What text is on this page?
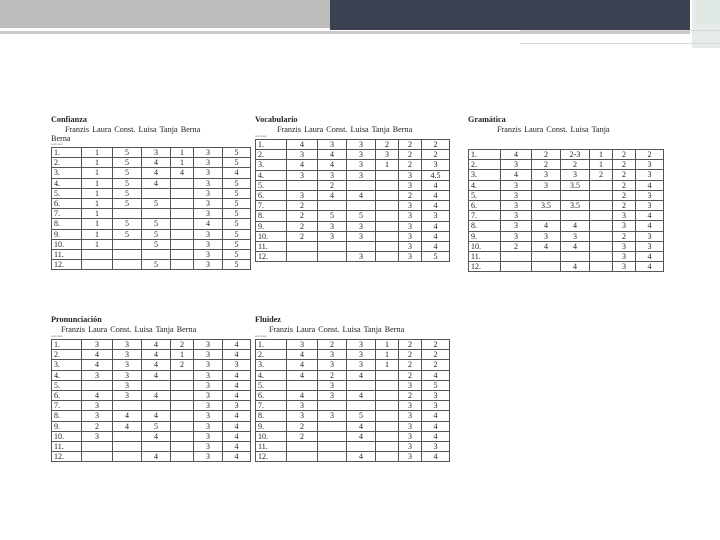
Confianza
Franzis Laura Const. Luisa Tanja Berna
Berna
sesiones
1.	1	5	3	1	3	5
2.	1	5	4	1	3	5
3.	1	5	4	4	3	4
4.	1	5	4		3	5
5.	1	5			3	5
6.	1	5	5		3	5
7.	1				3	5
8.	1	5	5		4	5
9.	1	5	5		3	5
10.	1		5		3	5
11.					3	5
12.			5		3	5
Vocabulario
Franzis Laura Const. Luisa Tanja Berna
sesiones
1.	4	3	3	2	2	2
2.	3	4	3	3	2	2
3.	4	4	3	1	2	3
4.	3	3	3		3	4.5
5.		2			3	4
6.	3	4	4		2	4
7.	2				3	4
8.	2	5	5		3	3
9.	2	3	3		3	4
10.	2	3	3		3	4
11.					3	4
12.			3		3	5
Gramática
Franzis Laura Const. Luisa Tanja
1.	4	2	2-3	1	2	2
2.	3	2	2	1	2	3
3.	4	3	3	2	2	3
4.	3	3	3.5		2	4
5.	3				2	3
6.	3	3.5	3.5		2	3
7.	3				3	4
8.	3	4	4		3	4
9.	3	3	3		2	3
10.	2	4	4		3	3
11.					3	4
12.			4		3	4
Pronunciación
Franzis Laura Const. Luisa Tanja Berna
sesiones
1.	3	3	4	2	3	4
2.	4	3	4	1	3	4
3.	4	3	4	2	3	3
4.	3	3	4		3	4
5.		3			3	4
6.	4	3	4		3	4
7.	3				3	3
8.	3	4	4		3	4
9.	2	4	5		3	4
10.	3		4		3	4
11.					3	4
12.			4		3	4
Fluidez
Franzis Laura Const. Luisa Tanja Berna
sesiones
1.	3	2	3	1	2	2
2.	4	3	3	1	2	2
3.	4	3	3	1	2	2
4.	4	2	4		2	4
5.		3			3	5
6.	4	3	4		2	3
7.	3				3	3
8.	3	3	5		3	4
9.	2		4		3	4
10.	2		4		3	4
11.					3	3
12.			4		3	4
